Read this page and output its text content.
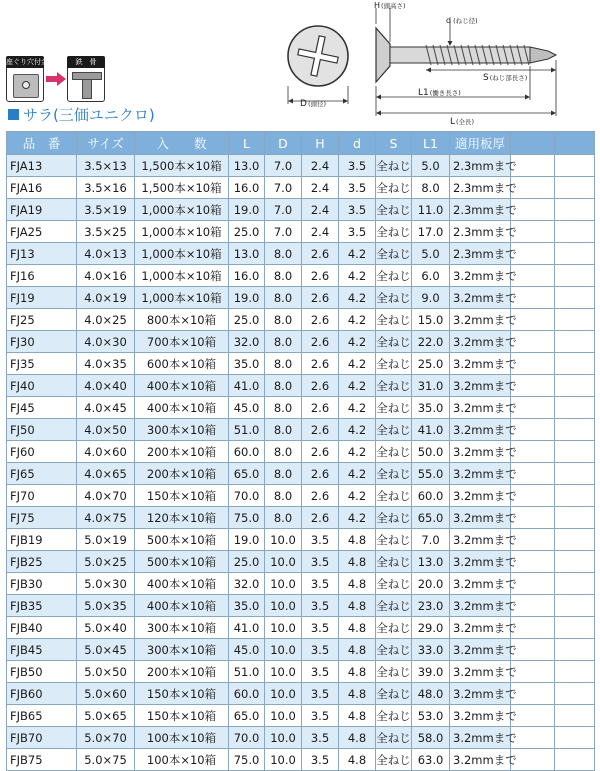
座ぐり穴付金物	鉄　骨
サラ(三価ユニクロ)
D(頭径)
H(頭高さ)
d (ねじ径)
S(ねじ部長さ)
L1(働き長さ)
L(全長)
品　番	サイズ	入　　数	L	D	H	d	S	L1	適用板厚		
FJA13	3.5×13	1,500本×10箱	13.0	7.0	2.4	3.5	全ねじ	5.0	2.3mmまで		
FJA16	3.5×16	1,500本×10箱	16.0	7.0	2.4	3.5	全ねじ	8.0	2.3mmまで		
FJA19	3.5×19	1,000本×10箱	19.0	7.0	2.4	3.5	全ねじ	11.0	2.3mmまで		
FJA25	3.5×25	1,000本×10箱	25.0	7.0	2.4	3.5	全ねじ	17.0	2.3mmまで		
FJ13	4.0×13	1,000本×10箱	13.0	8.0	2.6	4.2	全ねじ	5.0	2.3mmまで		
FJ16	4.0×16	1,000本×10箱	16.0	8.0	2.6	4.2	全ねじ	6.0	3.2mmまで		
FJ19	4.0×19	1,000本×10箱	19.0	8.0	2.6	4.2	全ねじ	9.0	3.2mmまで		
FJ25	4.0×25	800本×10箱	25.0	8.0	2.6	4.2	全ねじ	15.0	3.2mmまで		
FJ30	4.0×30	700本×10箱	32.0	8.0	2.6	4.2	全ねじ	22.0	3.2mmまで		
FJ35	4.0×35	600本×10箱	35.0	8.0	2.6	4.2	全ねじ	25.0	3.2mmまで		
FJ40	4.0×40	400本×10箱	41.0	8.0	2.6	4.2	全ねじ	31.0	3.2mmまで		
FJ45	4.0×45	400本×10箱	45.0	8.0	2.6	4.2	全ねじ	35.0	3.2mmまで		
FJ50	4.0×50	300本×10箱	51.0	8.0	2.6	4.2	全ねじ	41.0	3.2mmまで		
FJ60	4.0×60	200本×10箱	60.0	8.0	2.6	4.2	全ねじ	50.0	3.2mmまで		
FJ65	4.0×65	200本×10箱	65.0	8.0	2.6	4.2	全ねじ	55.0	3.2mmまで		
FJ70	4.0×70	150本×10箱	70.0	8.0	2.6	4.2	全ねじ	60.0	3.2mmまで		
FJ75	4.0×75	120本×10箱	75.0	8.0	2.6	4.2	全ねじ	65.0	3.2mmまで		
FJB19	5.0×19	500本×10箱	19.0	10.0	3.5	4.8	全ねじ	7.0	3.2mmまで		
FJB25	5.0×25	500本×10箱	25.0	10.0	3.5	4.8	全ねじ	13.0	3.2mmまで		
FJB30	5.0×30	400本×10箱	32.0	10.0	3.5	4.8	全ねじ	20.0	3.2mmまで		
FJB35	5.0×35	400本×10箱	35.0	10.0	3.5	4.8	全ねじ	23.0	3.2mmまで		
FJB40	5.0×40	300本×10箱	41.0	10.0	3.5	4.8	全ねじ	29.0	3.2mmまで		
FJB45	5.0×45	300本×10箱	45.0	10.0	3.5	4.8	全ねじ	33.0	3.2mmまで		
FJB50	5.0×50	200本×10箱	51.0	10.0	3.5	4.8	全ねじ	39.0	3.2mmまで		
FJB60	5.0×60	150本×10箱	60.0	10.0	3.5	4.8	全ねじ	48.0	3.2mmまで		
FJB65	5.0×65	150本×10箱	65.0	10.0	3.5	4.8	全ねじ	53.0	3.2mmまで		
FJB70	5.0×70	100本×10箱	70.0	10.0	3.5	4.8	全ねじ	58.0	3.2mmまで		
FJB75	5.0×75	100本×10箱	75.0	10.0	3.5	4.8	全ねじ	63.0	3.2mmまで		
